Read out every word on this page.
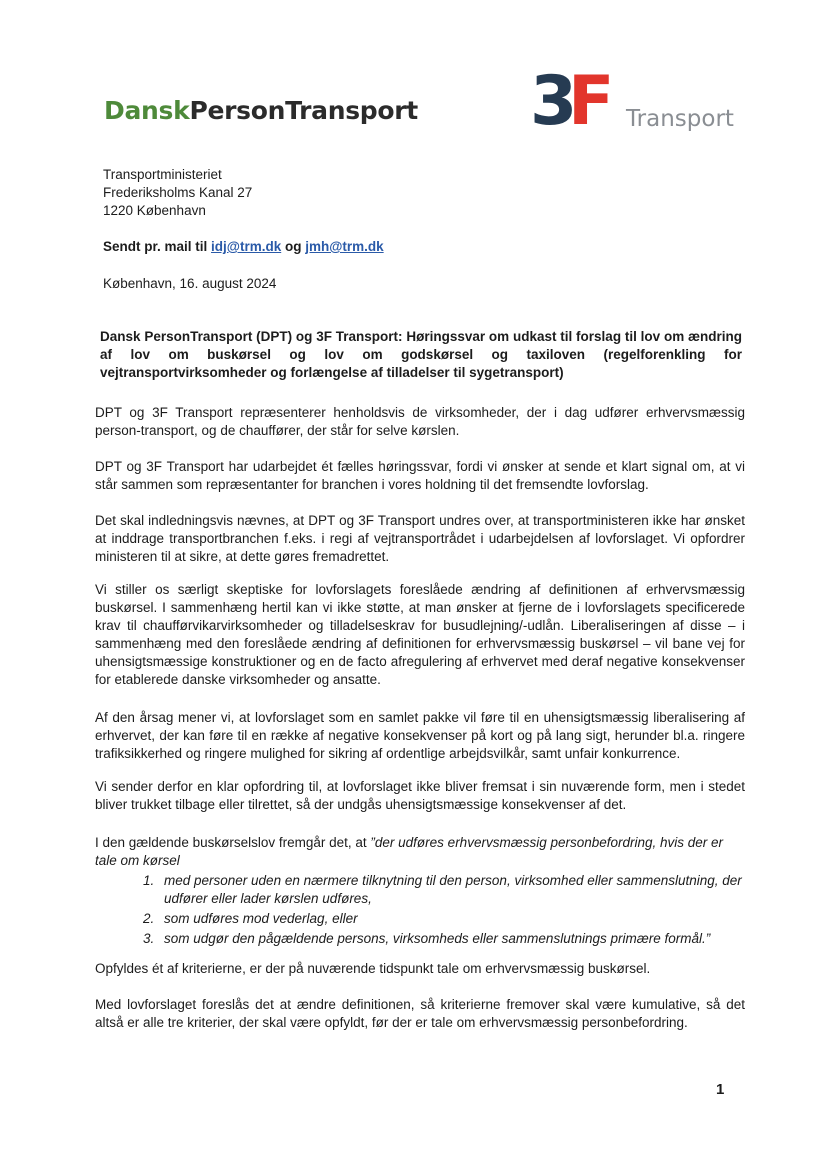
DanskPersonTransport 3
F Transport
Transportministeriet
Frederiksholms Kanal 27
1220 København
Sendt pr. mail til idj@trm.dk og jmh@trm.dk
København, 16. august 2024
Dansk PersonTransport (DPT) og 3F Transport: Høringssvar om udkast til forslag til lov om ændring af lov om buskørsel og lov om godskørsel og taxiloven (regelforenkling for vejtransportvirksomheder og forlængelse af tilladelser til sygetransport)

DPT og 3F Transport repræsenterer henholdsvis de virksomheder, der i dag udfører erhvervsmæssig person-transport, og de chauffører, der står for selve kørslen.

DPT og 3F Transport har udarbejdet ét fælles høringssvar, fordi vi ønsker at sende et klart signal om, at vi står sammen som repræsentanter for branchen i vores holdning til det fremsendte lovforslag.

Det skal indledningsvis nævnes, at DPT og 3F Transport undres over, at transportministeren ikke har ønsket at inddrage transportbranchen f.eks. i regi af vejtransportrådet i udarbejdelsen af lovforslaget. Vi opfordrer ministeren til at sikre, at dette gøres fremadrettet.

Vi stiller os særligt skeptiske for lovforslagets foreslåede ændring af definitionen af erhvervsmæssig buskørsel. I sammenhæng hertil kan vi ikke støtte, at man ønsker at fjerne de i lovforslagets specificerede krav til chaufførvikarvirksomheder og tilladelseskrav for busudlejning/-udlån. Liberaliseringen af disse – i sammenhæng med den foreslåede ændring af definitionen for erhvervsmæssig buskørsel – vil bane vej for uhensigtsmæssige konstruktioner og en de facto afregulering af erhvervet med deraf negative konsekvenser for etablerede danske virksomheder og ansatte.

Af den årsag mener vi, at lovforslaget som en samlet pakke vil føre til en uhensigtsmæssig liberalisering af erhvervet, der kan føre til en række af negative konsekvenser på kort og på lang sigt, herunder bl.a. ringere trafiksikkerhed og ringere mulighed for sikring af ordentlige arbejdsvilkår, samt unfair konkurrence.

Vi sender derfor en klar opfordring til, at lovforslaget ikke bliver fremsat i sin nuværende form, men i stedet bliver trukket tilbage eller tilrettet, så der undgås uhensigtsmæssige konsekvenser af det.

I den gældende buskørselslov fremgår det, at ”der udføres erhvervsmæssig personbefordring, hvis der er tale om kørsel

1. med personer uden en nærmere tilknytning til den person, virksomhed eller sammenslutning, der udfører eller lader kørslen udføres,
2. som udføres mod vederlag, eller
3. som udgør den pågældende persons, virksomheds eller sammenslutnings primære formål.”

Opfyldes ét af kriterierne, er der på nuværende tidspunkt tale om erhvervsmæssig buskørsel.

Med lovforslaget foreslås det at ændre definitionen, så kriterierne fremover skal være kumulative, så det altså er alle tre kriterier, der skal være opfyldt, før der er tale om erhvervsmæssig personbefordring.

1
